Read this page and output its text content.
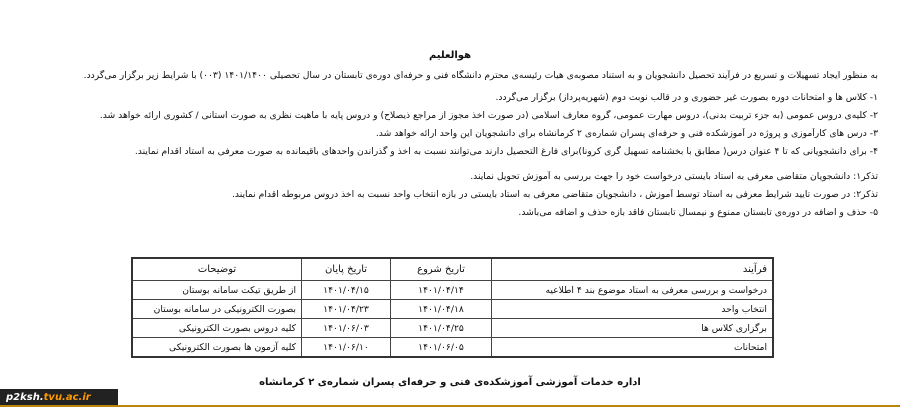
هوالعلیم
به منظور ایجاد تسهیلات و تسریع در فرآیند تحصیل دانشجویان و به استناد مصوبه‌ی هیات رئیسه‌ی محترم دانشگاه فنی و حرفه‌ای دوره‌ی تابستان در سال تحصیلی ۱۴۰۱/۱۴۰۰ (۰۰۳) با شرایط زیر برگزار می‌گردد.
۱- کلاس ها و امتحانات دوره بصورت غیر حضوری و در قالب نوبت دوم (شهریه‌پرداز) برگزار می‌گردد.
۲- کلیه‌ی دروس عمومی (به جزء تربیت بدنی)، دروس مهارت عمومی، گروه معارف اسلامی (در صورت اخذ مجوز از مراجع ذیصلاح) و دروس پایه با ماهیت نظری به صورت استانی / کشوری ارائه خواهد شد.
۳- درس های کارآموزی و پروژه در آموزشکده فنی و حرفه‌ای پسران شماره‌ی ۲ کرمانشاه برای دانشجویان این واحد ارائه خواهد شد.
۴- برای دانشجویانی که تا ۴ عنوان درس( مطابق با بخشنامه تسهیل گری کرونا)برای فارغ التحصیل دارند می‌توانند نسبت به اخذ و گذراندن واحدهای باقیمانده به صورت معرفی به استاد اقدام نمایند.
تذکر۱: دانشجویان متقاضی معرفی به استاد بایستی درخواست خود را جهت بررسی به آموزش تحویل نمایند.
تذکر۲: در صورت تایید شرایط معرفی به استاد توسط آموزش ، دانشجویان متقاضی معرفی به استاد بایستی در بازه انتخاب واحد نسبت به اخذ دروس مربوطه اقدام نمایند.
۵- حذف و اضافه در دوره‌ی تابستان ممنوع و نیمسال تابستان فاقد بازه حذف و اضافه می‌باشد.
فرآیند	تاریخ شروع	تاریخ پایان	توضیحات
درخواست و بررسی معرفی به استاد موضوع بند ۴ اطلاعیه	۱۴۰۱/۰۴/۱۴	۱۴۰۱/۰۴/۱۵	از طریق تیکت سامانه بوستان
انتخاب واحد	۱۴۰۱/۰۴/۱۸	۱۴۰۱/۰۴/۲۳	بصورت الکترونیکی در سامانه بوستان
برگزاری کلاس ها	۱۴۰۱/۰۴/۲۵	۱۴۰۱/۰۶/۰۳	کلیه دروس بصورت الکترونیکی
امتحانات	۱۴۰۱/۰۶/۰۵	۱۴۰۱/۰۶/۱۰	کلیه آزمون ها بصورت الکترونیکی
اداره خدمات آموزشی آموزشکده‌ی فنی و حرفه‌ای پسران شماره‌ی ۲ کرمانشاه
p2ksh. tvu.ac.ir
